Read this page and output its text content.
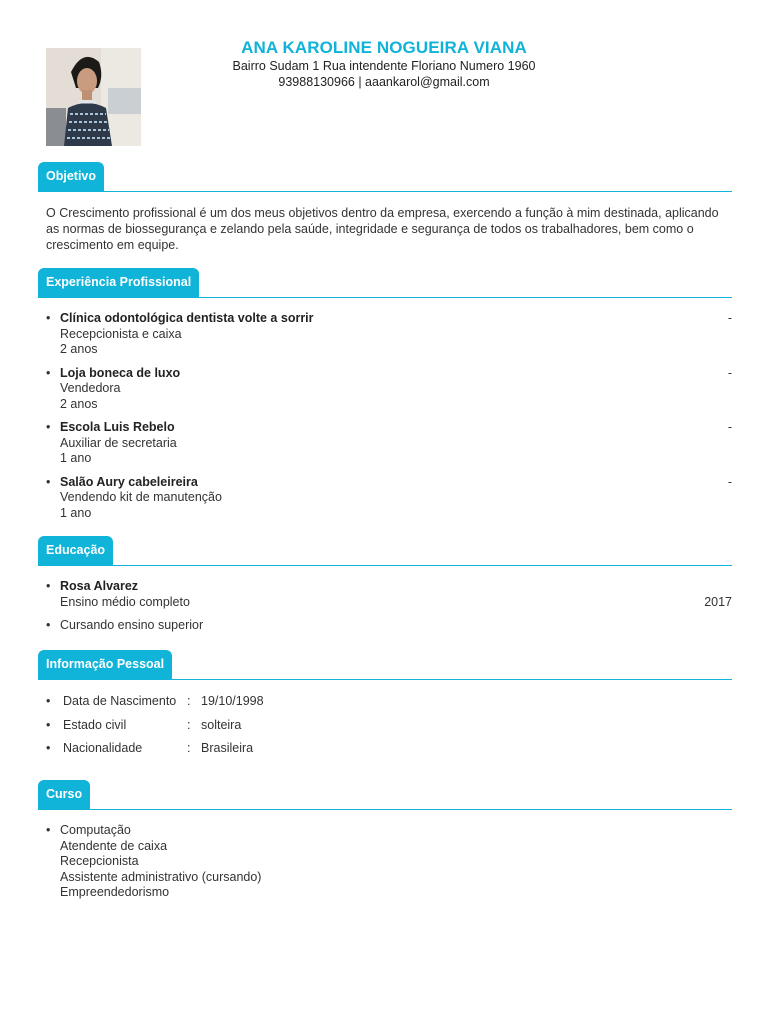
ANA KAROLINE NOGUEIRA VIANA
Bairro Sudam 1 Rua intendente Floriano Numero 1960
93988130966 | aaankarol@gmail.com
Objetivo
O Crescimento profissional é um dos meus objetivos dentro da empresa, exercendo a função à mim destinada, aplicando as normas de biossegurança e zelando pela saúde, integridade e segurança de todos os trabalhadores, bem como o crescimento em equipe.
Experiência Profissional
• Clínica odontológica dentista volte a sorrir
Recepcionista e caixa
2 anos
-
• Loja boneca de luxo
Vendedora
2 anos
-
• Escola Luis Rebelo
Auxiliar de secretaria
1 ano
-
• Salão Aury cabeleireira
Vendendo kit de manutenção
1 ano
-
Educação
• Rosa Alvarez
Ensino médio completo	2017
• Cursando ensino superior
Informação Pessoal
• Data de Nascimento : 19/10/1998
• Estado civil	: solteira
• Nacionalidade	: Brasileira
Curso
• Computação
Atendente de caixa
Recepcionista
Assistente administrativo (cursando)
Empreendedorismo
